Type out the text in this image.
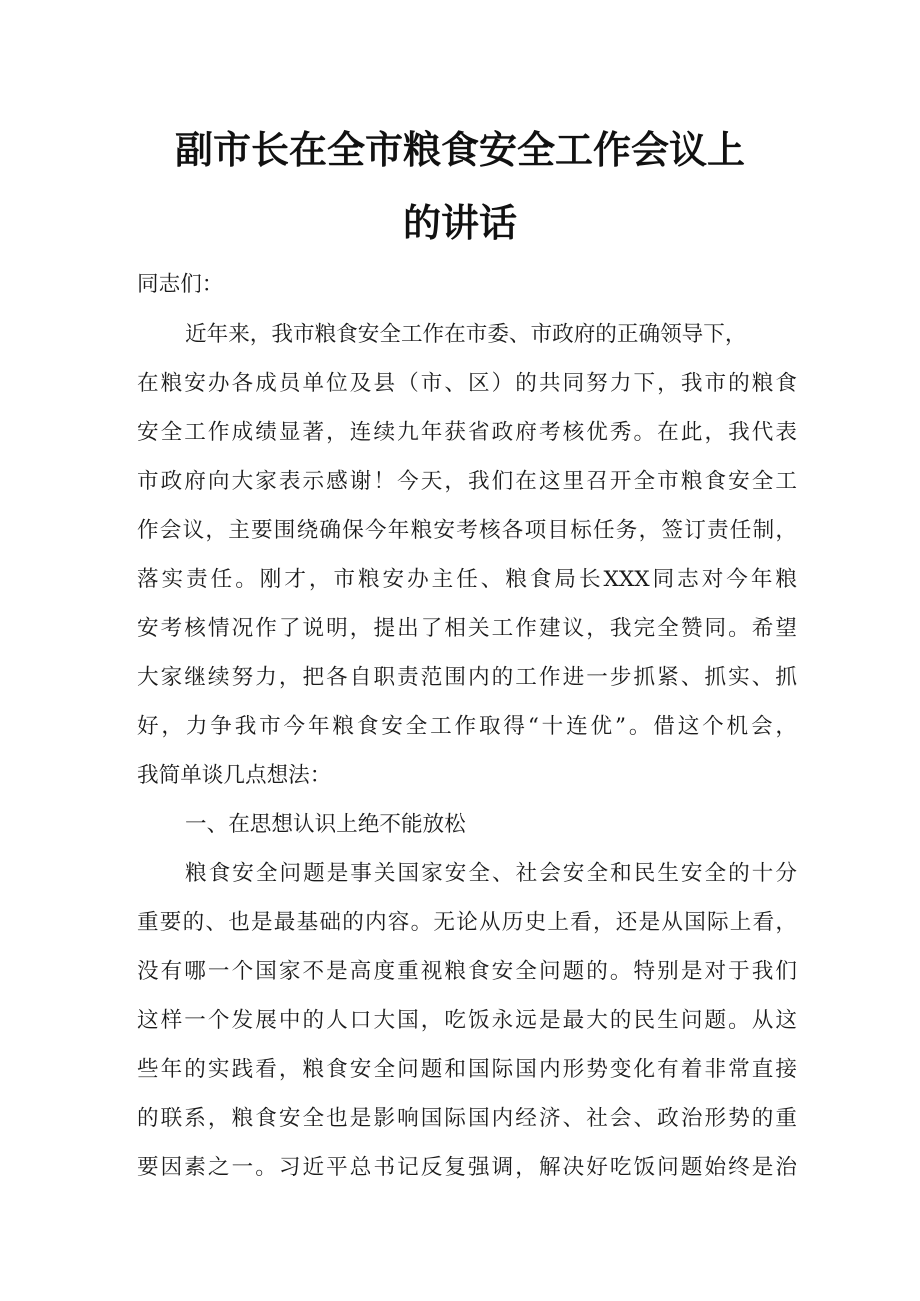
副市长在全市粮食安全工作会议上
的讲话
同志们：
近年来，我市粮食安全工作在市委、市政府的正确领导下，
在粮安办各成员单位及县（市、区）的共同努力下，我市的粮食
安全工作成绩显著，连续九年获省政府考核优秀。在此，我代表
市政府向大家表示感谢！今天，我们在这里召开全市粮食安全工
作会议，主要围绕确保今年粮安考核各项目标任务，签订责任制，
落实责任。刚才，市粮安办主任、粮食局长XXX同志对今年粮
安考核情况作了说明，提出了相关工作建议，我完全赞同。希望
大家继续努力，把各自职责范围内的工作进一步抓紧、抓实、抓
好，力争我市今年粮食安全工作取得“十连优”。借这个机会，
我简单谈几点想法：
一、在思想认识上绝不能放松
粮食安全问题是事关国家安全、社会安全和民生安全的十分
重要的、也是最基础的内容。无论从历史上看，还是从国际上看，
没有哪一个国家不是高度重视粮食安全问题的。特别是对于我们
这样一个发展中的人口大国，吃饭永远是最大的民生问题。从这
些年的实践看，粮食安全问题和国际国内形势变化有着非常直接
的联系，粮食安全也是影响国际国内经济、社会、政治形势的重
要因素之一。习近平总书记反复强调，解决好吃饭问题始终是治
